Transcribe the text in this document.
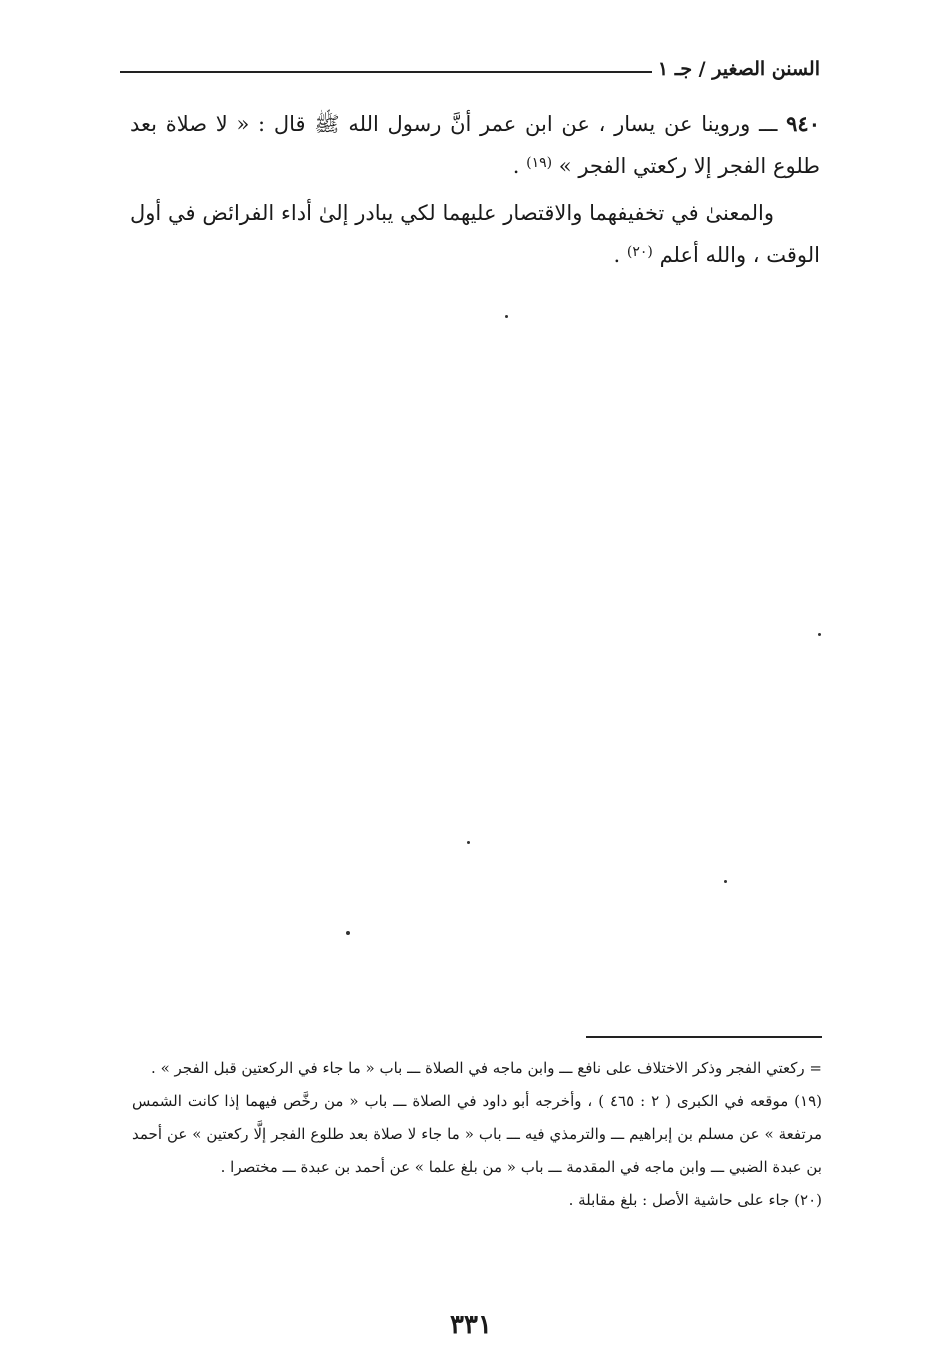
السنن الصغير / جـ ١

٩٤٠ ـــ وروينا عن يسار ، عن ابن عمر أنَّ رسول الله ﷺ قال : « لا صلاة بعد طلوع الفجر إلا ركعتي الفجر » $^{(١٩)}$ .

والمعنىٰ في تخفيفهما والاقتصار عليهما لكي يبادر إلىٰ أداء الفرائض في أول الوقت ، والله أعلم $^{(٢٠)}$ .

= ركعتي الفجر وذكر الاختلاف على نافع ـــ وابن ماجه في الصلاة ـــ باب « ما جاء في الركعتين قبل الفجر » .

(١٩) موقعه في الكبرى ( ٢ : ٤٦٥ ) ، وأخرجه أبو داود في الصلاة ـــ باب « من رخَّص فيهما إذا كانت الشمس مرتفعة » عن مسلم بن إبراهيم ـــ والترمذي فيه ـــ باب « ما جاء لا صلاة بعد طلوع الفجر إلَّا ركعتين » عن أحمد بن عبدة الضبي ـــ وابن ماجه في المقدمة ـــ باب « من بلغ علما » عن أحمد بن عبدة ـــ مختصرا .

(٢٠) جاء على حاشية الأصل : بلغ مقابلة .

٣٣١
